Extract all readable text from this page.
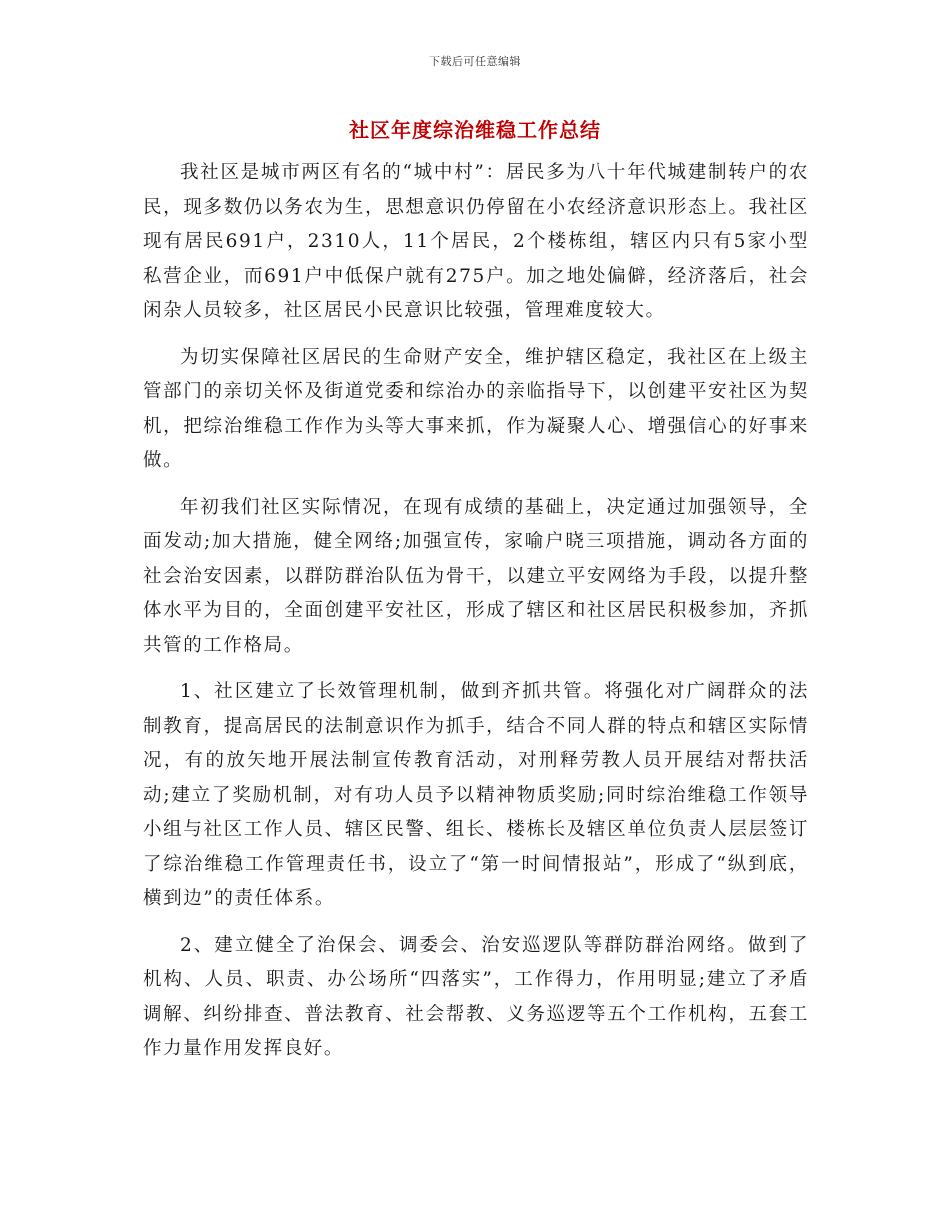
下载后可任意编辑
社区年度综治维稳工作总结

我社区是城市两区有名的“城中村”：居民多为八十年代城建制转户的农民，现多数仍以务农为生，思想意识仍停留在小农经济意识形态上。我社区现有居民691户，2310人，11个居民，2个楼栋组，辖区内只有5家小型私营企业，而691户中低保户就有275户。加之地处偏僻，经济落后，社会闲杂人员较多，社区居民小民意识比较强，管理难度较大。

为切实保障社区居民的生命财产安全，维护辖区稳定，我社区在上级主管部门的亲切关怀及街道党委和综治办的亲临指导下，以创建平安社区为契机，把综治维稳工作作为头等大事来抓，作为凝聚人心、增强信心的好事来做。

年初我们社区实际情况，在现有成绩的基础上，决定通过加强领导，全面发动;加大措施，健全网络;加强宣传，家喻户晓三项措施，调动各方面的社会治安因素，以群防群治队伍为骨干，以建立平安网络为手段，以提升整体水平为目的，全面创建平安社区，形成了辖区和社区居民积极参加，齐抓共管的工作格局。

1、社区建立了长效管理机制，做到齐抓共管。将强化对广阔群众的法制教育，提高居民的法制意识作为抓手，结合不同人群的特点和辖区实际情况，有的放矢地开展法制宣传教育活动，对刑释劳教人员开展结对帮扶活动;建立了奖励机制，对有功人员予以精神物质奖励;同时综治维稳工作领导小组与社区工作人员、辖区民警、组长、楼栋长及辖区单位负责人层层签订了综治维稳工作管理责任书，设立了“第一时间情报站”，形成了“纵到底，横到边”的责任体系。

2、建立健全了治保会、调委会、治安巡逻队等群防群治网络。做到了机构、人员、职责、办公场所“四落实”，工作得力，作用明显;建立了矛盾调解、纠纷排查、普法教育、社会帮教、义务巡逻等五个工作机构，五套工作力量作用发挥良好。
